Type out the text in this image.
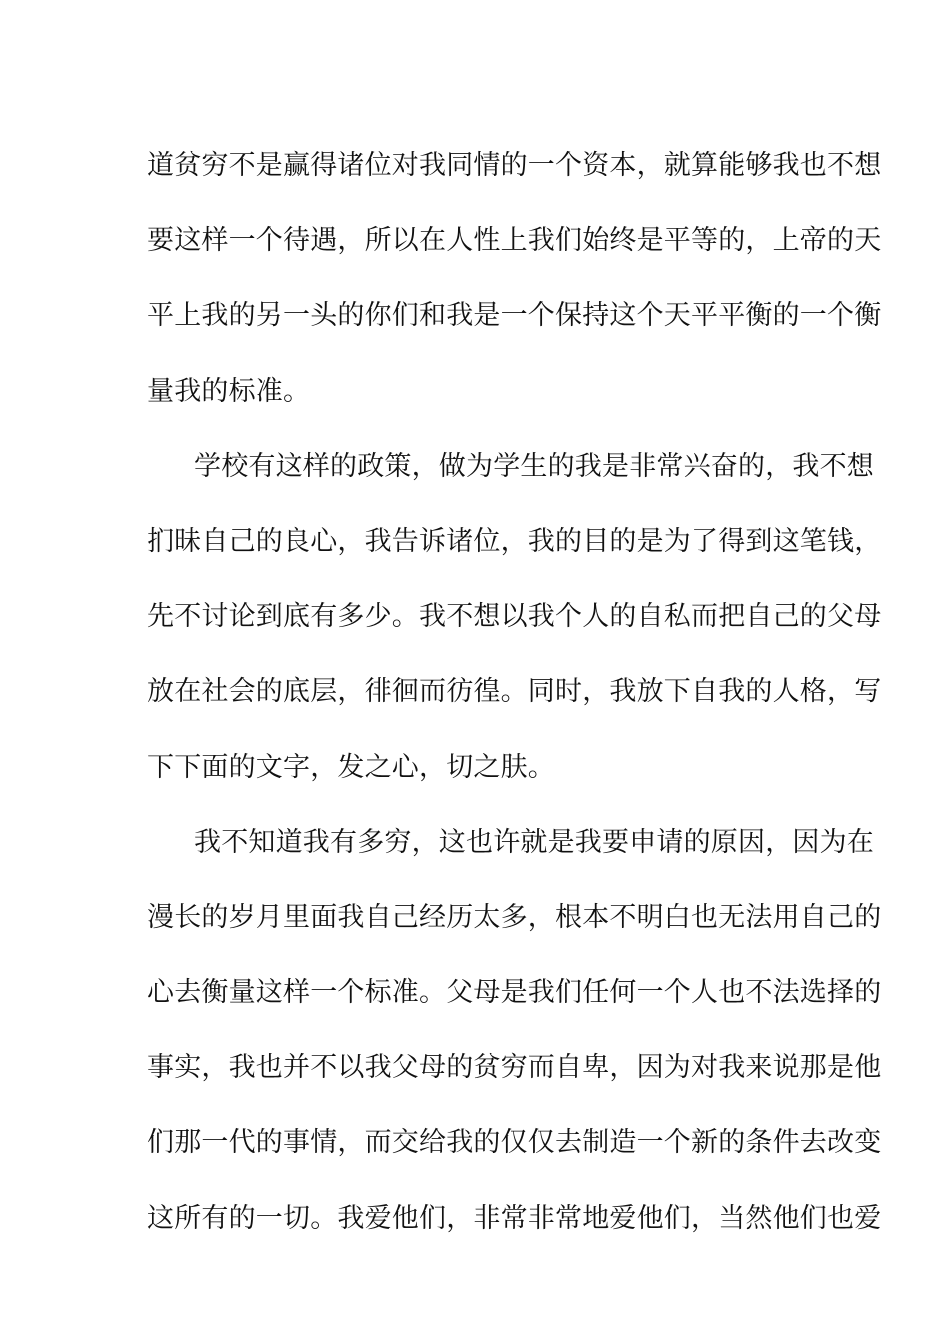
道贫穷不是赢得诸位对我同情的一个资本，就算能够我也不想
要这样一个待遇，所以在人性上我们始终是平等的，上帝的天
平上我的另一头的你们和我是一个保持这个天平平衡的一个衡
量我的标准。
学校有这样的政策，做为学生的我是非常兴奋的，我不想
扪昧自己的良心，我告诉诸位，我的目的是为了得到这笔钱，
先不讨论到底有多少。我不想以我个人的自私而把自己的父母
放在社会的底层，徘徊而彷徨。同时，我放下自我的人格，写
下下面的文字，发之心，切之肤。
我不知道我有多穷，这也许就是我要申请的原因，因为在
漫长的岁月里面我自己经历太多，根本不明白也无法用自己的
心去衡量这样一个标准。父母是我们任何一个人也不法选择的
事实，我也并不以我父母的贫穷而自卑，因为对我来说那是他
们那一代的事情，而交给我的仅仅去制造一个新的条件去改变
这所有的一切。我爱他们，非常非常地爱他们，当然他们也爱
